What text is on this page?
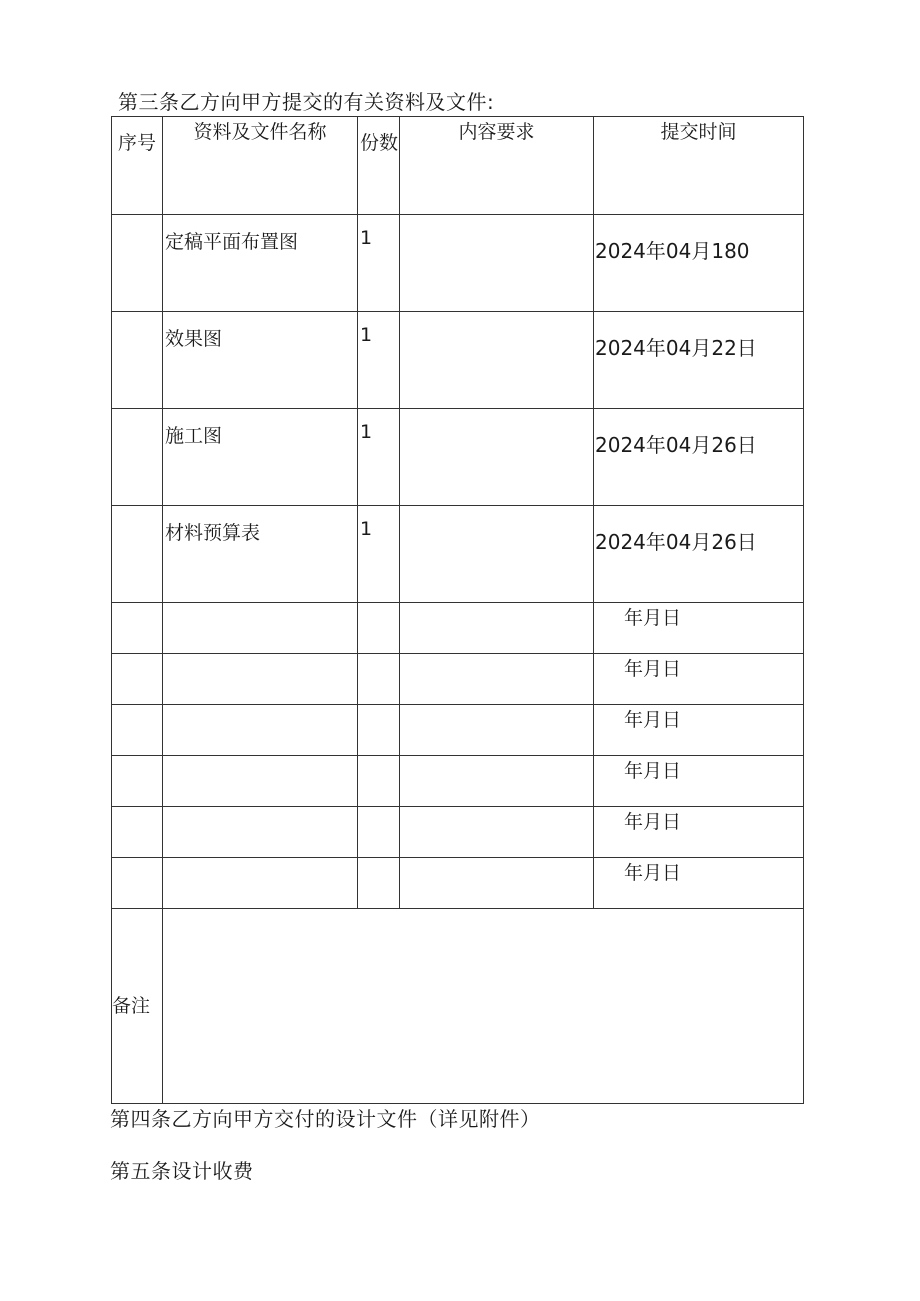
第三条乙方向甲方提交的有关资料及文件:
序号	资料及文件名称	份数	内容要求	提交时间
	定稿平面布置图	1		2024年04月180
	效果图	1		2024年04月22日
	施工图	1		2024年04月26日
	材料预算表	1		2024年04月26日
				年月日
				年月日
				年月日
				年月日
				年月日
				年月日
备注				
第四条乙方向甲方交付的设计文件（详见附件）
第五条设计收费
